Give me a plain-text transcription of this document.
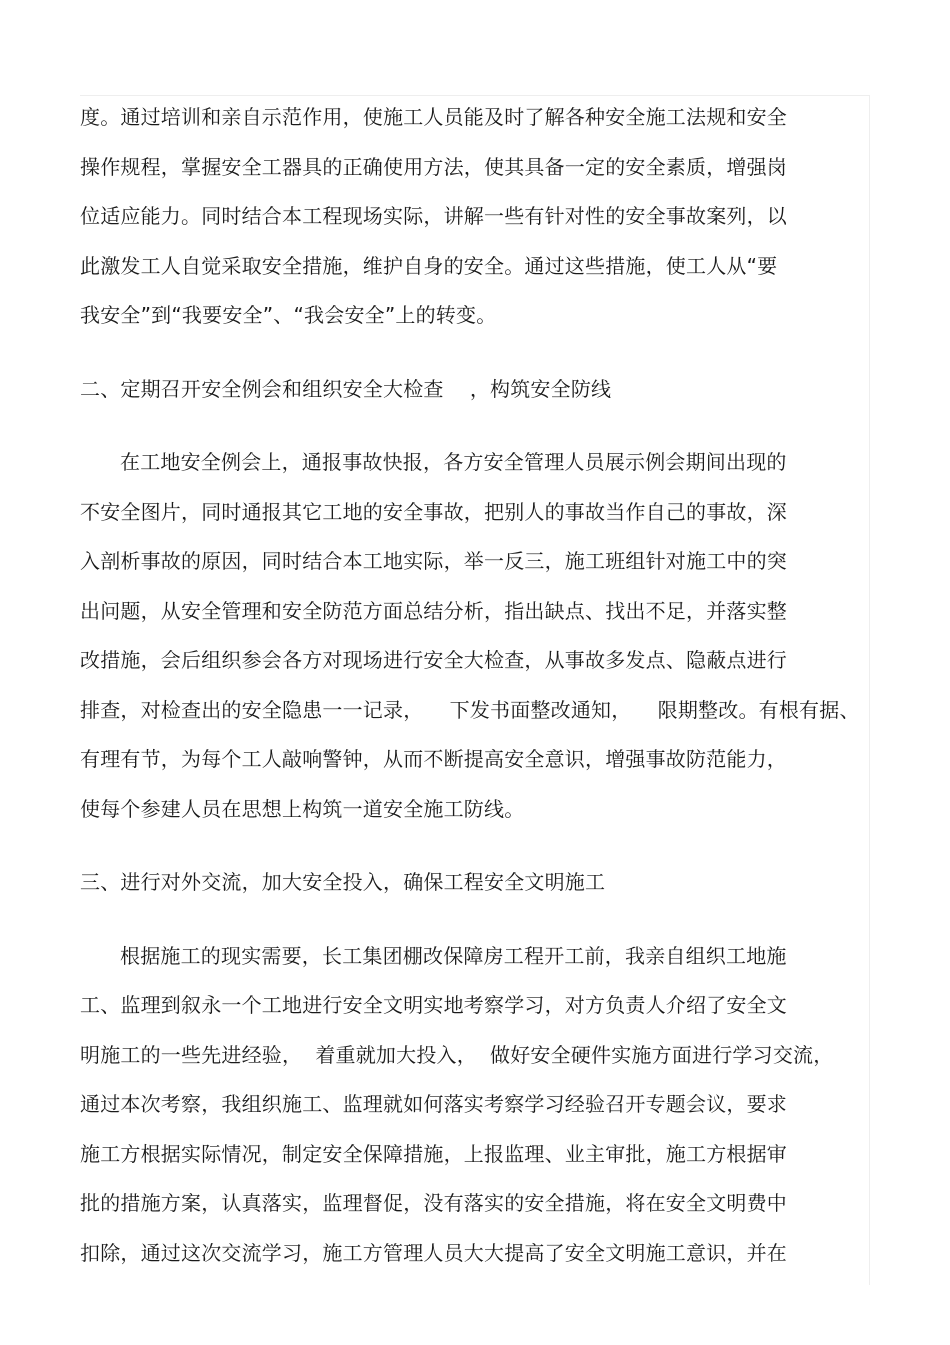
度。通过培训和亲自示范作用，使施工人员能及时了解各种安全施工法规和安全
操作规程，掌握安全工器具的正确使用方法，使其具备一定的安全素质，增强岗
位适应能力。同时结合本工程现场实际，讲解一些有针对性的安全事故案列，以
此激发工人自觉采取安全措施，维护自身的安全。通过这些措施，使工人从“要
我安全”到“我要安全”、“我会安全”上的转变。
二、定期召开安全例会和组织安全大检查    ，构筑安全防线
在工地安全例会上，通报事故快报，各方安全管理人员展示例会期间出现的
不安全图片，同时通报其它工地的安全事故，把别人的事故当作自己的事故，深
入剖析事故的原因，同时结合本工地实际，举一反三，施工班组针对施工中的突
出问题，从安全管理和安全防范方面总结分析，指出缺点、找出不足，并落实整
改措施，会后组织参会各方对现场进行安全大检查，从事故多发点、隐蔽点进行
排查，对检查出的安全隐患一一记录，    下发书面整改通知，    限期整改。有根有据、
有理有节，为每个工人敲响警钟，从而不断提高安全意识，增强事故防范能力，
使每个参建人员在思想上构筑一道安全施工防线。
三、进行对外交流，加大安全投入，确保工程安全文明施工
根据施工的现实需要，长工集团棚改保障房工程开工前，我亲自组织工地施
工、监理到叙永一个工地进行安全文明实地考察学习，对方负责人介绍了安全文
明施工的一些先进经验，  着重就加大投入，  做好安全硬件实施方面进行学习交流，
通过本次考察，我组织施工、监理就如何落实考察学习经验召开专题会议，要求
施工方根据实际情况，制定安全保障措施，上报监理、业主审批，施工方根据审
批的措施方案，认真落实，监理督促，没有落实的安全措施，将在安全文明费中
扣除，通过这次交流学习，施工方管理人员大大提高了安全文明施工意识，并在
